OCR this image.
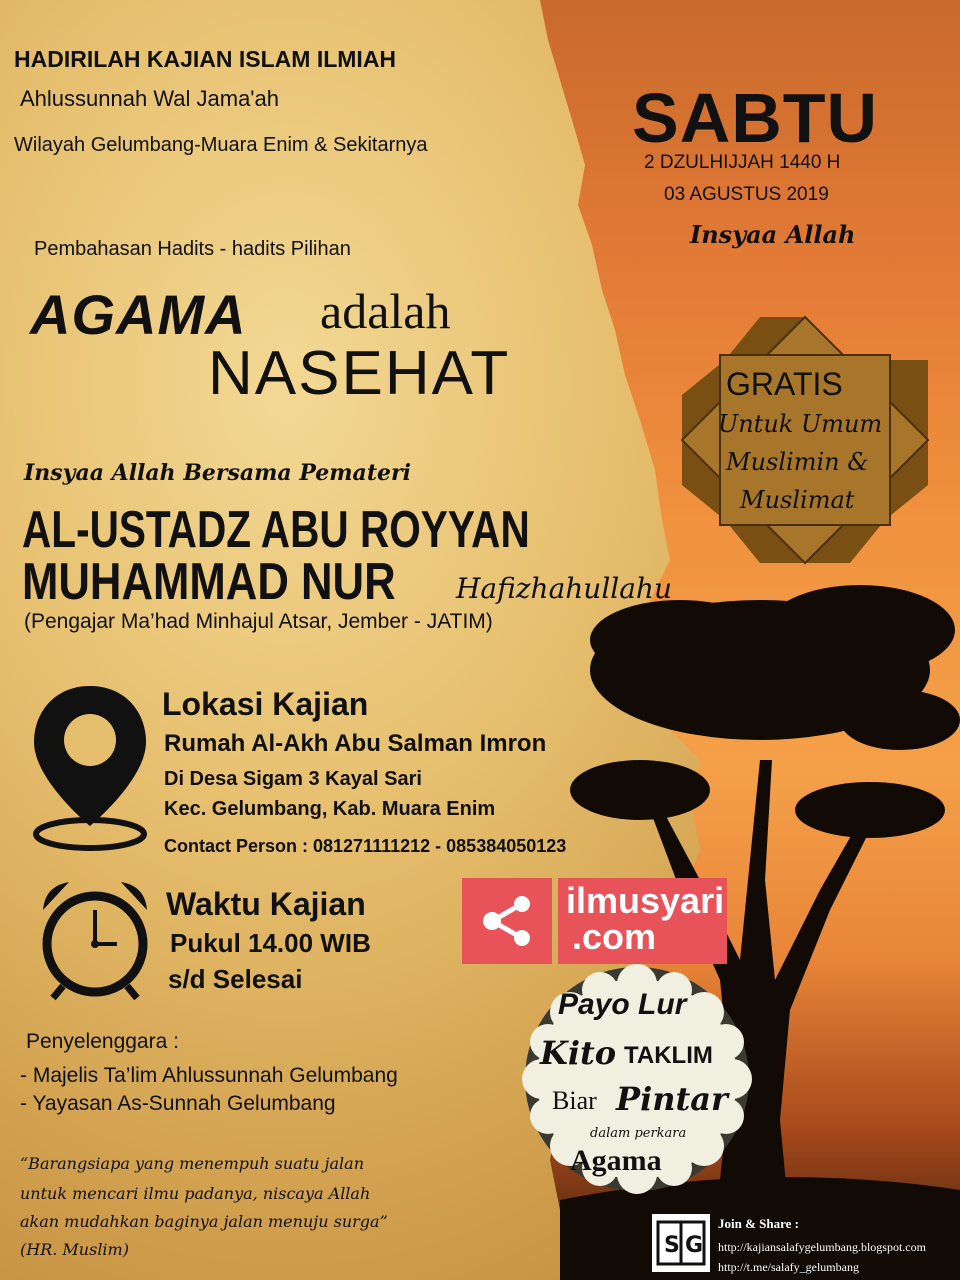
HADIRILAH KAJIAN ISLAM ILMIAH
Ahlussunnah Wal Jama'ah
Wilayah Gelumbang-Muara Enim & Sekitarnya	SABTU
2 DZULHIJJAH 1440 H
03 AGUSTUS 2019
Insyaa Allah
Pembahasan Hadits - hadits Pilihan
AGAMA adalah
NASEHAT	GRATIS
Untuk Umum
Muslimin &
Muslimat
Insyaa Allah Bersama Pemateri
AL-USTADZ ABU ROYYAN
MUHAMMAD NUR Hafizhahullahu
(Pengajar Ma’had Minhajul Atsar, Jember - JATIM)
Lokasi Kajian
Rumah Al-Akh Abu Salman Imron
Di Desa Sigam 3 Kayal Sari
Kec. Gelumbang, Kab. Muara Enim
Contact Person : 081271111212 - 085384050123
Waktu Kajian
Pukul 14.00 WIB
s/d Selesai
ilmusyari
.com
Payo Lur
Kito TAKLIM
Biar Pintar
dalam perkara
Agama
Penyelenggara :
- Majelis Ta’lim Ahlussunnah Gelumbang
- Yayasan As-Sunnah Gelumbang
“Barangsiapa yang menempuh suatu jalan
untuk mencari ilmu padanya, niscaya Allah
akan mudahkan baginya jalan menuju surga”
(HR. Muslim)	S G
Join & Share :
http://kajiansalafygelumbang.blogspot.com
http://t.me/salafy_gelumbang
